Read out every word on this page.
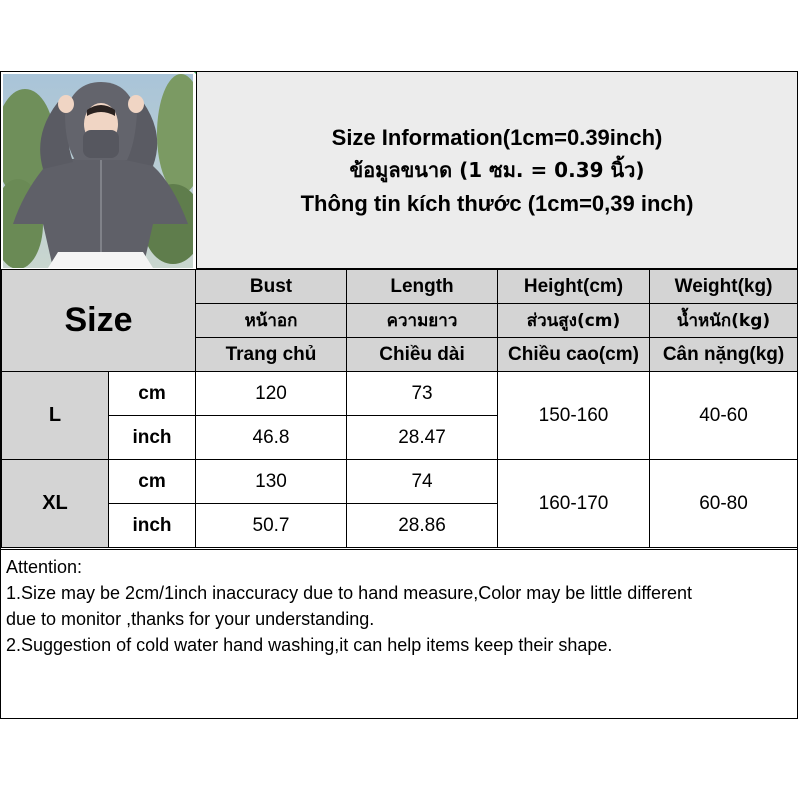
Size Information(1cm=0.39inch)
ข้อมูลขนาด (1 ซม. = 0.39 นิ้ว)
Thông tin kích thước (1cm=0,39 inch)
Size		Bust	Length	Height(cm)	Weight(kg)
		หน้าอก	ความยาว	ส่วนสูง(cm)	น้ำหนัก(kg)
		Trang chủ	Chiều dài	Chiều cao(cm)	Cân nặng(kg)
L	cm	120	73	150-160	40-60
	inch	46.8	28.47		
XL	cm	130	74	160-170	60-80
	inch	50.7	28.86		

Attention:

1.Size may be 2cm/1inch inaccuracy due to hand measure,Color may be little different

due to monitor ,thanks for your understanding.

2.Suggestion of cold water hand washing,it can help items keep their shape.
